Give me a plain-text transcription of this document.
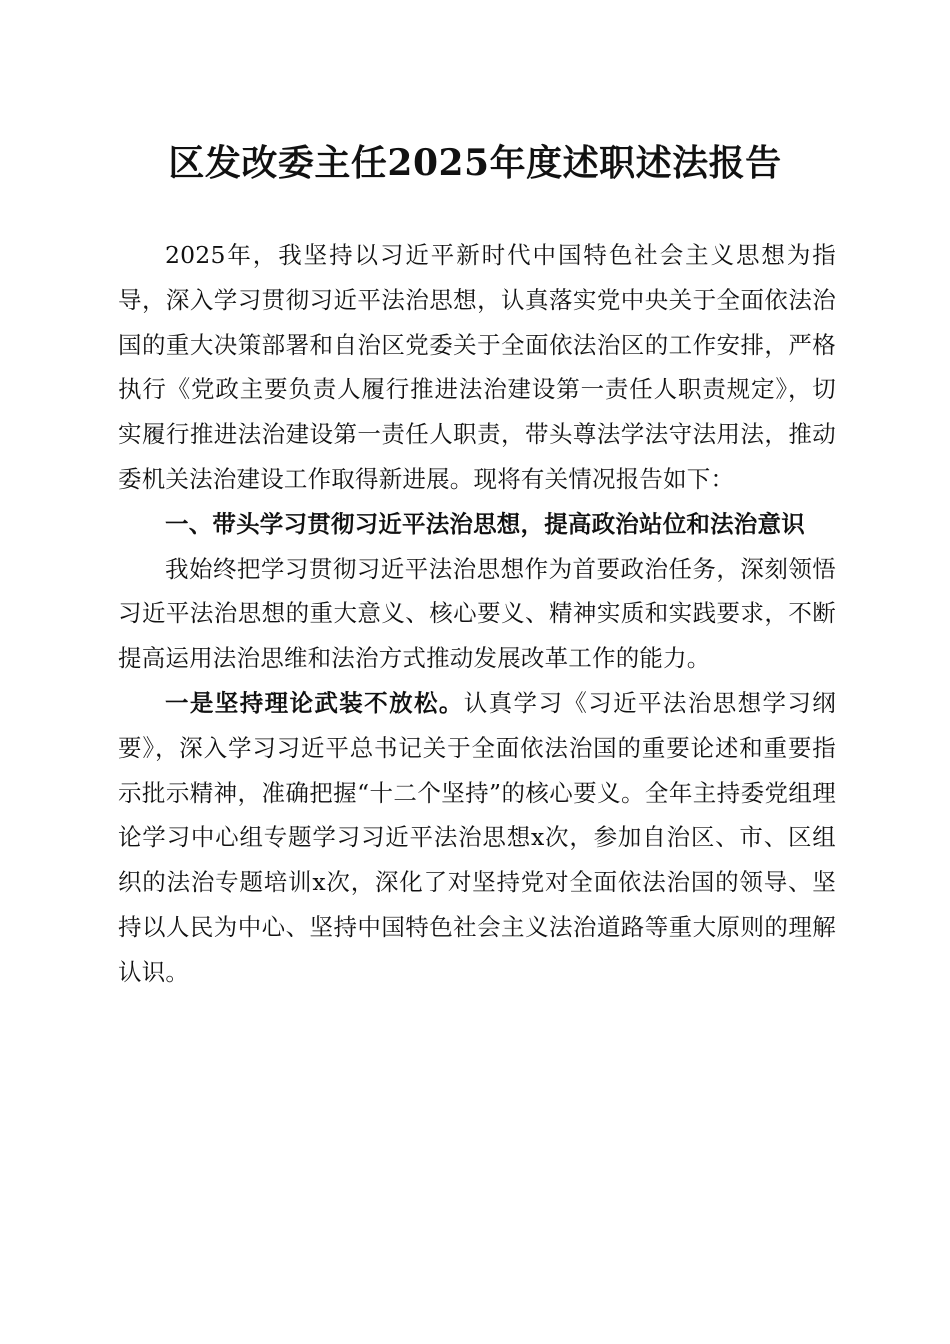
区发改委主任2025年度述职述法报告

2025年，我坚持以习近平新时代中国特色社会主义思想为指导，深入学习贯彻习近平法治思想，认真落实党中央关于全面依法治国的重大决策部署和自治区党委关于全面依法治区的工作安排，严格执行《党政主要负责人履行推进法治建设第一责任人职责规定》，切实履行推进法治建设第一责任人职责，带头尊法学法守法用法，推动委机关法治建设工作取得新进展。现将有关情况报告如下：

一、带头学习贯彻习近平法治思想，提高政治站位和法治意识

我始终把学习贯彻习近平法治思想作为首要政治任务，深刻领悟习近平法治思想的重大意义、核心要义、精神实质和实践要求，不断提高运用法治思维和法治方式推动发展改革工作的能力。

一是坚持理论武装不放松。认真学习《习近平法治思想学习纲要》，深入学习习近平总书记关于全面依法治国的重要论述和重要指示批示精神，准确把握“十二个坚持”的核心要义。全年主持委党组理论学习中心组专题学习习近平法治思想x次，参加自治区、市、区组织的法治专题培训x次，深化了对坚持党对全面依法治国的领导、坚持以人民为中心、坚持中国特色社会主义法治道路等重大原则的理解认识。
